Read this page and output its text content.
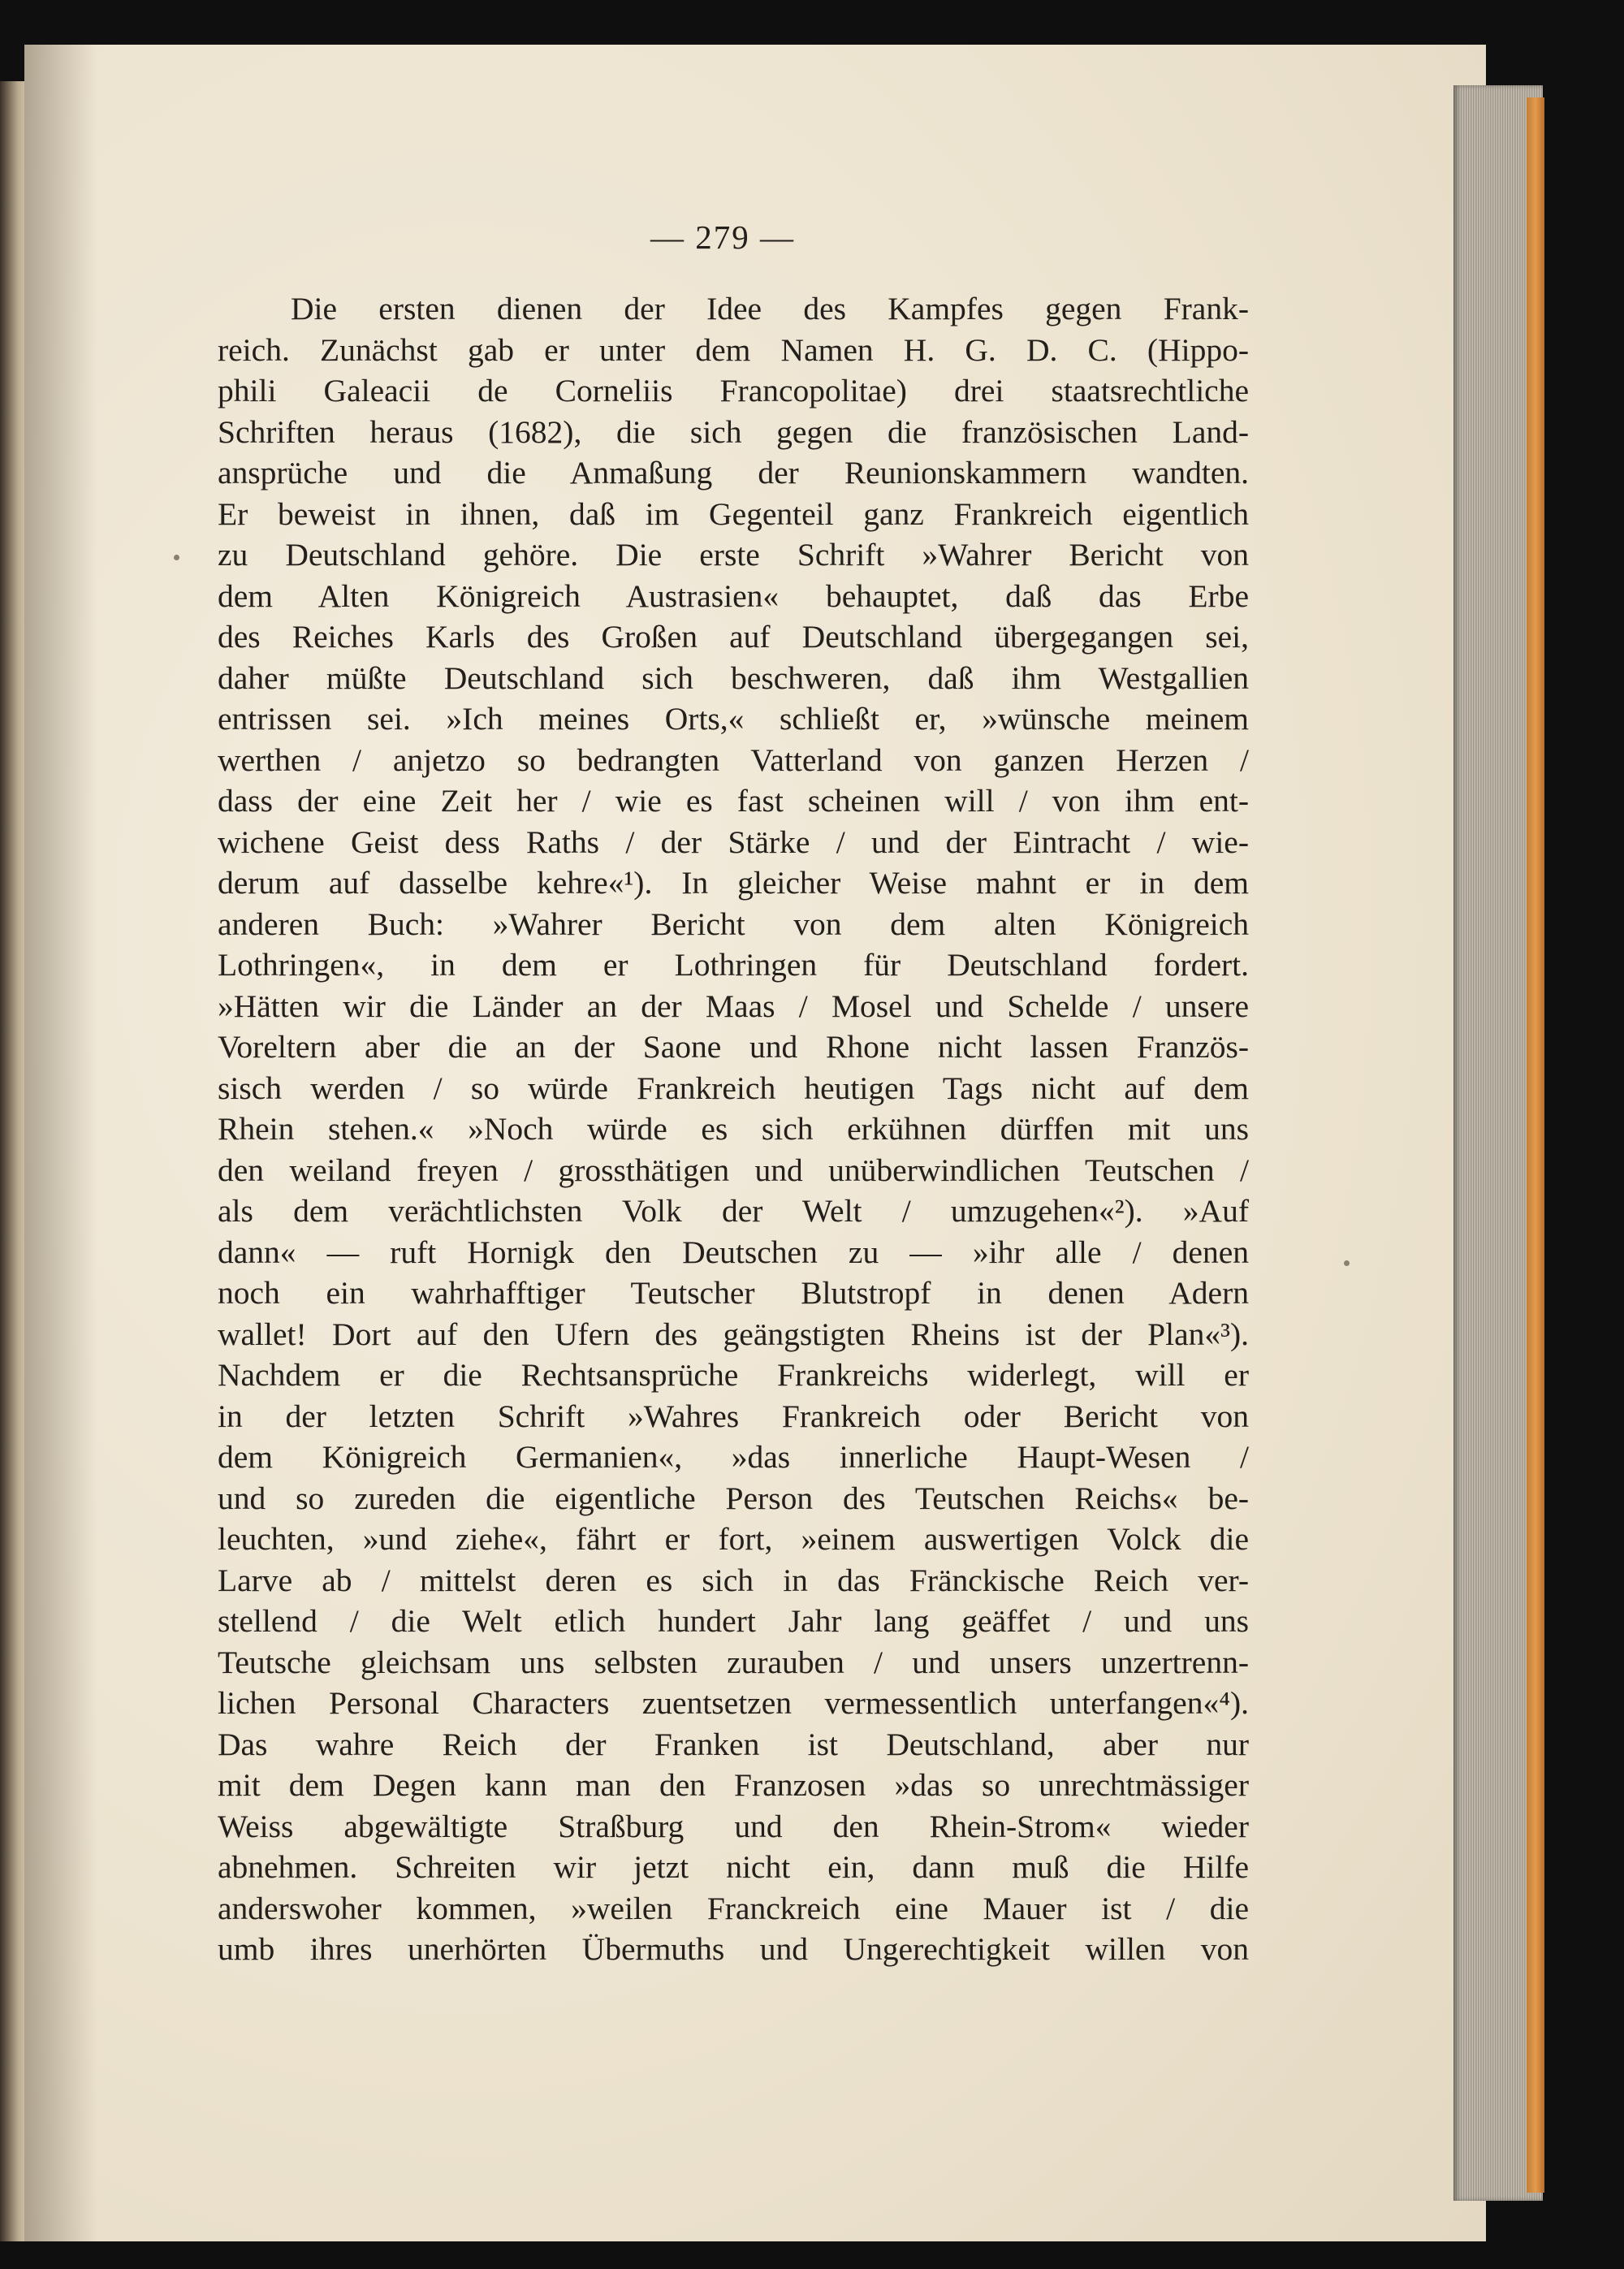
— 279 —
Die ersten dienen der Idee des Kampfes gegen Frank-
reich. Zunächst gab er unter dem Namen H. G. D. C. (Hippo-
phili Galeacii de Corneliis Francopolitae) drei staatsrechtliche
Schriften heraus (1682), die sich gegen die französischen Land-
ansprüche und die Anmaßung der Reunionskammern wandten.
Er beweist in ihnen, daß im Gegenteil ganz Frankreich eigentlich
zu Deutschland gehöre. Die erste Schrift »Wahrer Bericht von
dem Alten Königreich Austrasien« behauptet, daß das Erbe
des Reiches Karls des Großen auf Deutschland übergegangen sei,
daher müßte Deutschland sich beschweren, daß ihm Westgallien
entrissen sei. »Ich meines Orts,« schließt er, »wünsche meinem
werthen / anjetzo so bedrangten Vatterland von ganzen Herzen /
dass der eine Zeit her / wie es fast scheinen will / von ihm ent-
wichene Geist dess Raths / der Stärke / und der Eintracht / wie-
derum auf dasselbe kehre«¹). In gleicher Weise mahnt er in dem
anderen Buch: »Wahrer Bericht von dem alten Königreich
Lothringen«, in dem er Lothringen für Deutschland fordert.
»Hätten wir die Länder an der Maas / Mosel und Schelde / unsere
Voreltern aber die an der Saone und Rhone nicht lassen Französ-
sisch werden / so würde Frankreich heutigen Tags nicht auf dem
Rhein stehen.« »Noch würde es sich erkühnen dürffen mit uns
den weiland freyen / grossthätigen und unüberwindlichen Teutschen /
als dem verächtlichsten Volk der Welt / umzugehen«²). »Auf
dann« — ruft Hornigk den Deutschen zu — »ihr alle / denen
noch ein wahrhafftiger Teutscher Blutstropf in denen Adern
wallet! Dort auf den Ufern des geängstigten Rheins ist der Plan«³).
Nachdem er die Rechtsansprüche Frankreichs widerlegt, will er
in der letzten Schrift »Wahres Frankreich oder Bericht von
dem Königreich Germanien«, »das innerliche Haupt-Wesen /
und so zureden die eigentliche Person des Teutschen Reichs« be-
leuchten, »und ziehe«, fährt er fort, »einem auswertigen Volck die
Larve ab / mittelst deren es sich in das Fränckische Reich ver-
stellend / die Welt etlich hundert Jahr lang geäffet / und uns
Teutsche gleichsam uns selbsten zurauben / und unsers unzertrenn-
lichen Personal Characters zuentsetzen vermessentlich unterfangen«⁴).
Das wahre Reich der Franken ist Deutschland, aber nur
mit dem Degen kann man den Franzosen »das so unrechtmässiger
Weiss abgewältigte Straßburg und den Rhein-Strom« wieder
abnehmen. Schreiten wir jetzt nicht ein, dann muß die Hilfe
anderswoher kommen, »weilen Franckreich eine Mauer ist / die
umb ihres unerhörten Übermuths und Ungerechtigkeit willen von
